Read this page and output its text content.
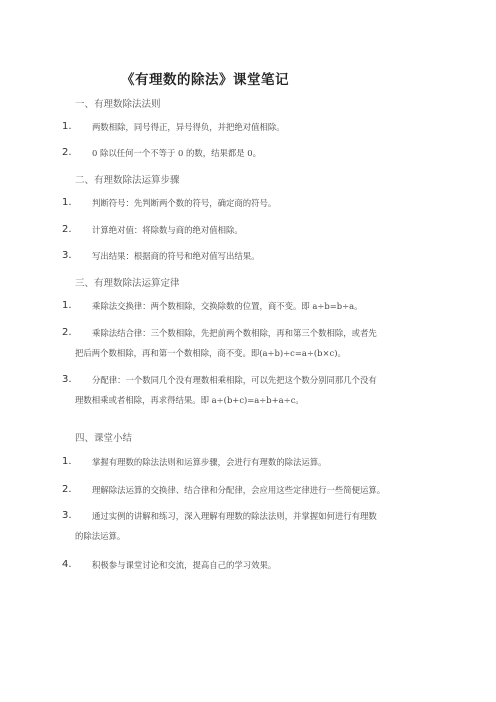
《有理数的除法》课堂笔记
一、有理数除法法则
1.	两数相除，同号得正，异号得负，并把绝对值相除。
2.	0 除以任何一个不等于 0 的数，结果都是 0。
二、有理数除法运算步骤
1.	判断符号：先判断两个数的符号，确定商的符号。
2.	计算绝对值：将除数与商的绝对值相除。
3.	写出结果：根据商的符号和绝对值写出结果。
三、有理数除法运算定律
1.	乘除法交换律：两个数相除，交换除数的位置，商不变。即 a÷b=b÷a。
2.	乘除法结合律：三个数相除，先把前两个数相除，再和第三个数相除，或者先
把后两个数相除，再和第一个数相除，商不变。即(a÷b)÷c=a÷(b×c)。
3.	分配律：一个数同几个没有理数相乘相除，可以先把这个数分别同那几个没有
理数相乘或者相除，再求得结果。即 a÷(b+c)=a÷b+a÷c。
四、课堂小结
1.	掌握有理数的除法法则和运算步骤，会进行有理数的除法运算。
2.	理解除法运算的交换律、结合律和分配律，会应用这些定律进行一些简便运算。
3.	通过实例的讲解和练习，深入理解有理数的除法法则，并掌握如何进行有理数
的除法运算。
4.	积极参与课堂讨论和交流，提高自己的学习效果。
